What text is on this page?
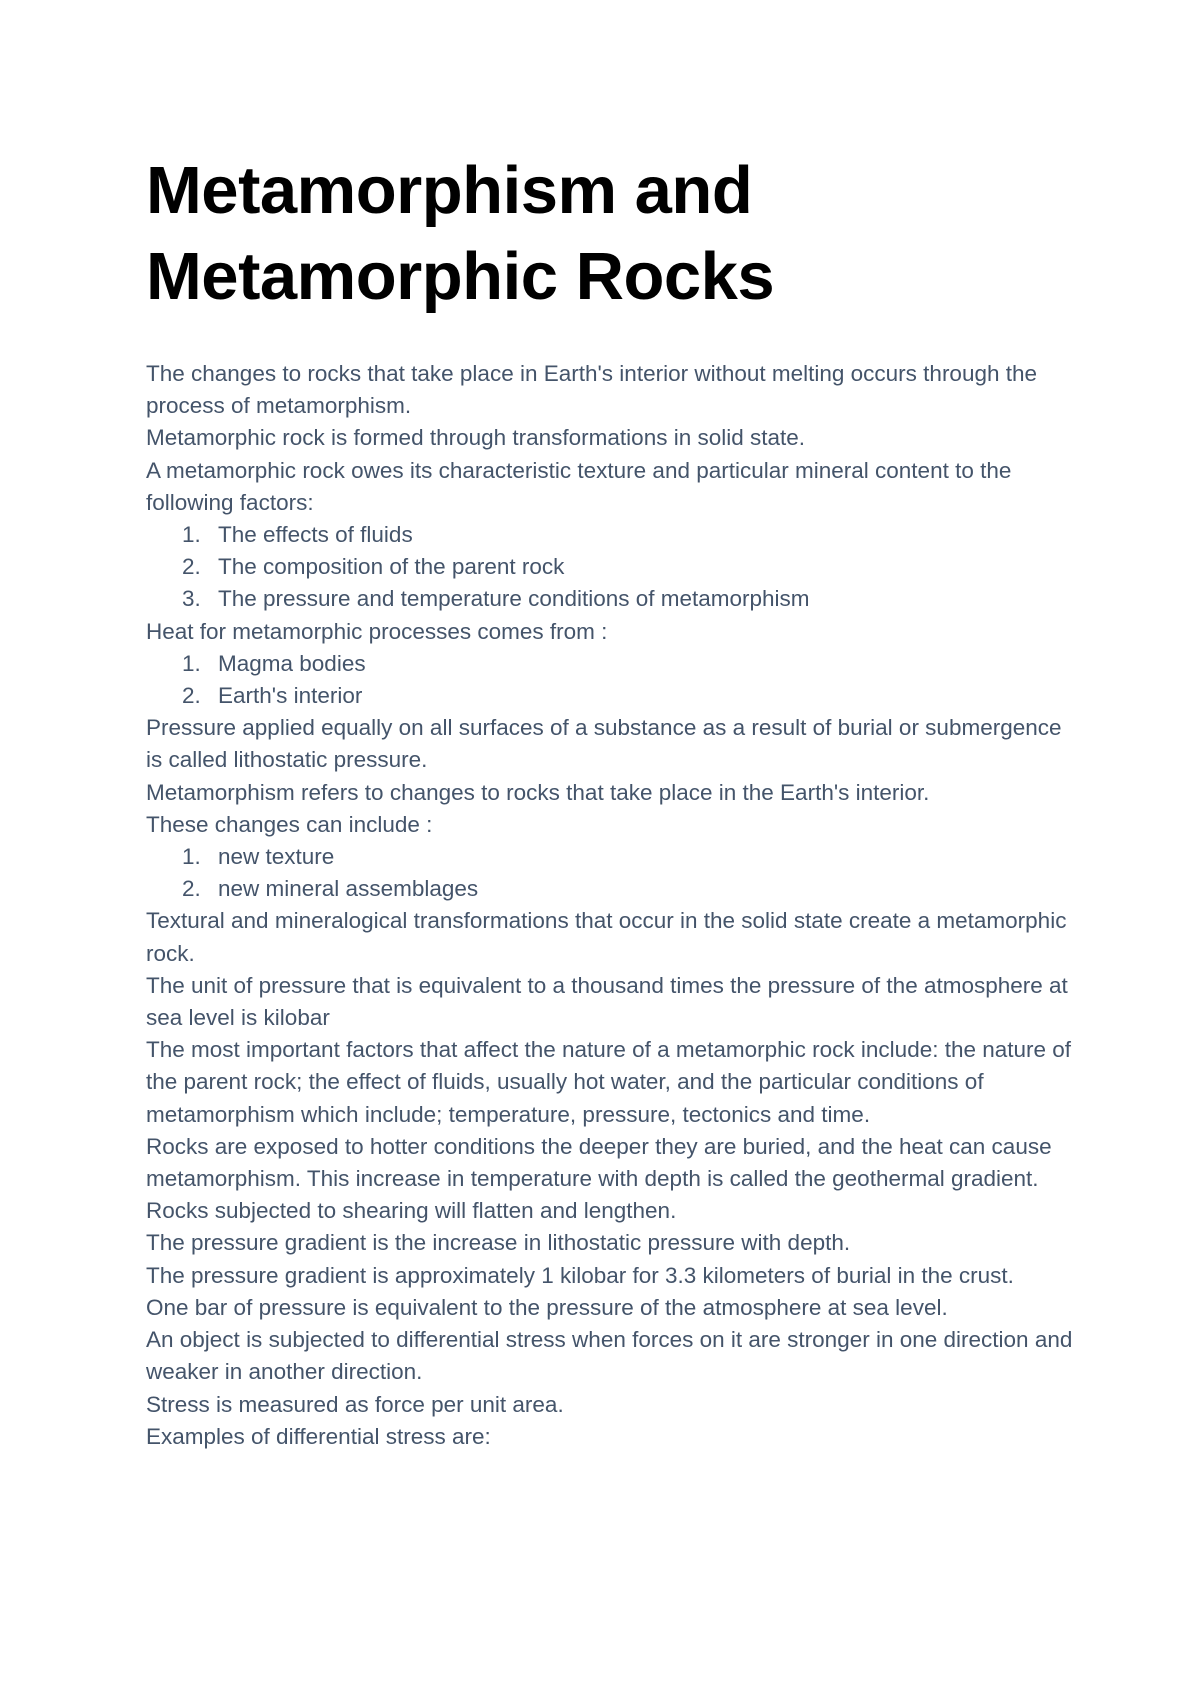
Metamorphism and Metamorphic Rocks

The changes to rocks that take place in Earth's interior without melting occurs through the process of metamorphism.

Metamorphic rock is formed through transformations in solid state.

A metamorphic rock owes its characteristic texture and particular mineral content to the following factors:

1. The effects of fluids
2. The composition of the parent rock
3. The pressure and temperature conditions of metamorphism

Heat for metamorphic processes comes from :

1. Magma bodies
2. Earth's interior

Pressure applied equally on all surfaces of a substance as a result of burial or submergence is called lithostatic pressure.

Metamorphism refers to changes to rocks that take place in the Earth's interior.

These changes can include :

1. new texture
2. new mineral assemblages

Textural and mineralogical transformations that occur in the solid state create a metamorphic rock.

The unit of pressure that is equivalent to a thousand times the pressure of the atmosphere at sea level is kilobar

The most important factors that affect the nature of a metamorphic rock include: the nature of the parent rock; the effect of fluids, usually hot water, and the particular conditions of metamorphism which include; temperature, pressure, tectonics and time.

Rocks are exposed to hotter conditions the deeper they are buried, and the heat can cause metamorphism. This increase in temperature with depth is called the geothermal gradient.

Rocks subjected to shearing will flatten and lengthen.

The pressure gradient is the increase in lithostatic pressure with depth.

The pressure gradient is approximately 1 kilobar for 3.3 kilometers of burial in the crust.

One bar of pressure is equivalent to the pressure of the atmosphere at sea level.

An object is subjected to differential stress when forces on it are stronger in one direction and weaker in another direction.

Stress is measured as force per unit area.

Examples of differential stress are:
